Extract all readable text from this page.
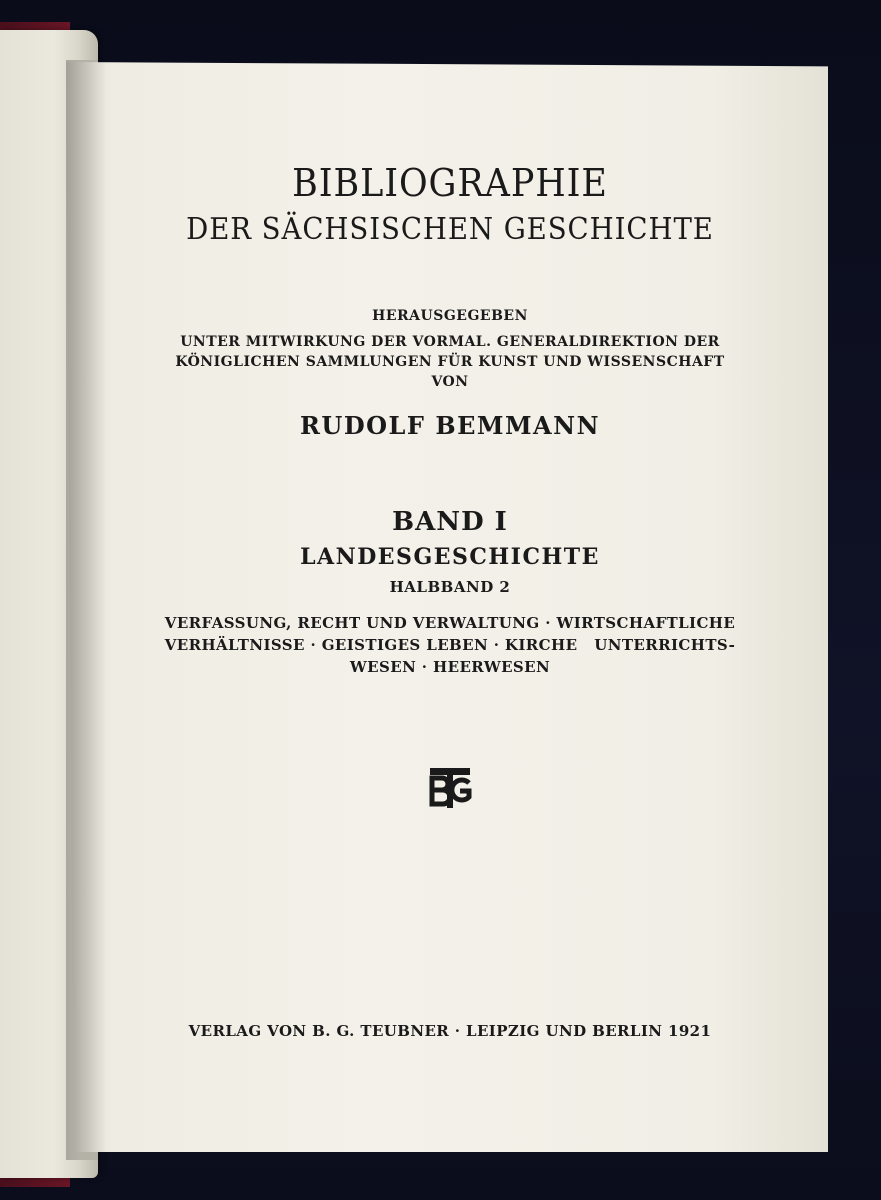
BIBLIOGRAPHIE
DER SÄCHSISCHEN GESCHICHTE
HERAUSGEGEBEN
UNTER MITWIRKUNG DER VORMAL. GENERALDIREKTION DER
KÖNIGLICHEN SAMMLUNGEN FÜR KUNST UND WISSENSCHAFT
VON
RUDOLF BEMMANN
BAND I
LANDESGESCHICHTE
HALBBAND 2
VERFASSUNG, RECHT UND VERWALTUNG · WIRTSCHAFTLICHE
VERHÄLTNISSE · GEISTIGES LEBEN · KIRCHE   UNTERRICHTS-
WESEN · HEERWESEN
VERLAG VON B. G. TEUBNER · LEIPZIG UND BERLIN 1921
